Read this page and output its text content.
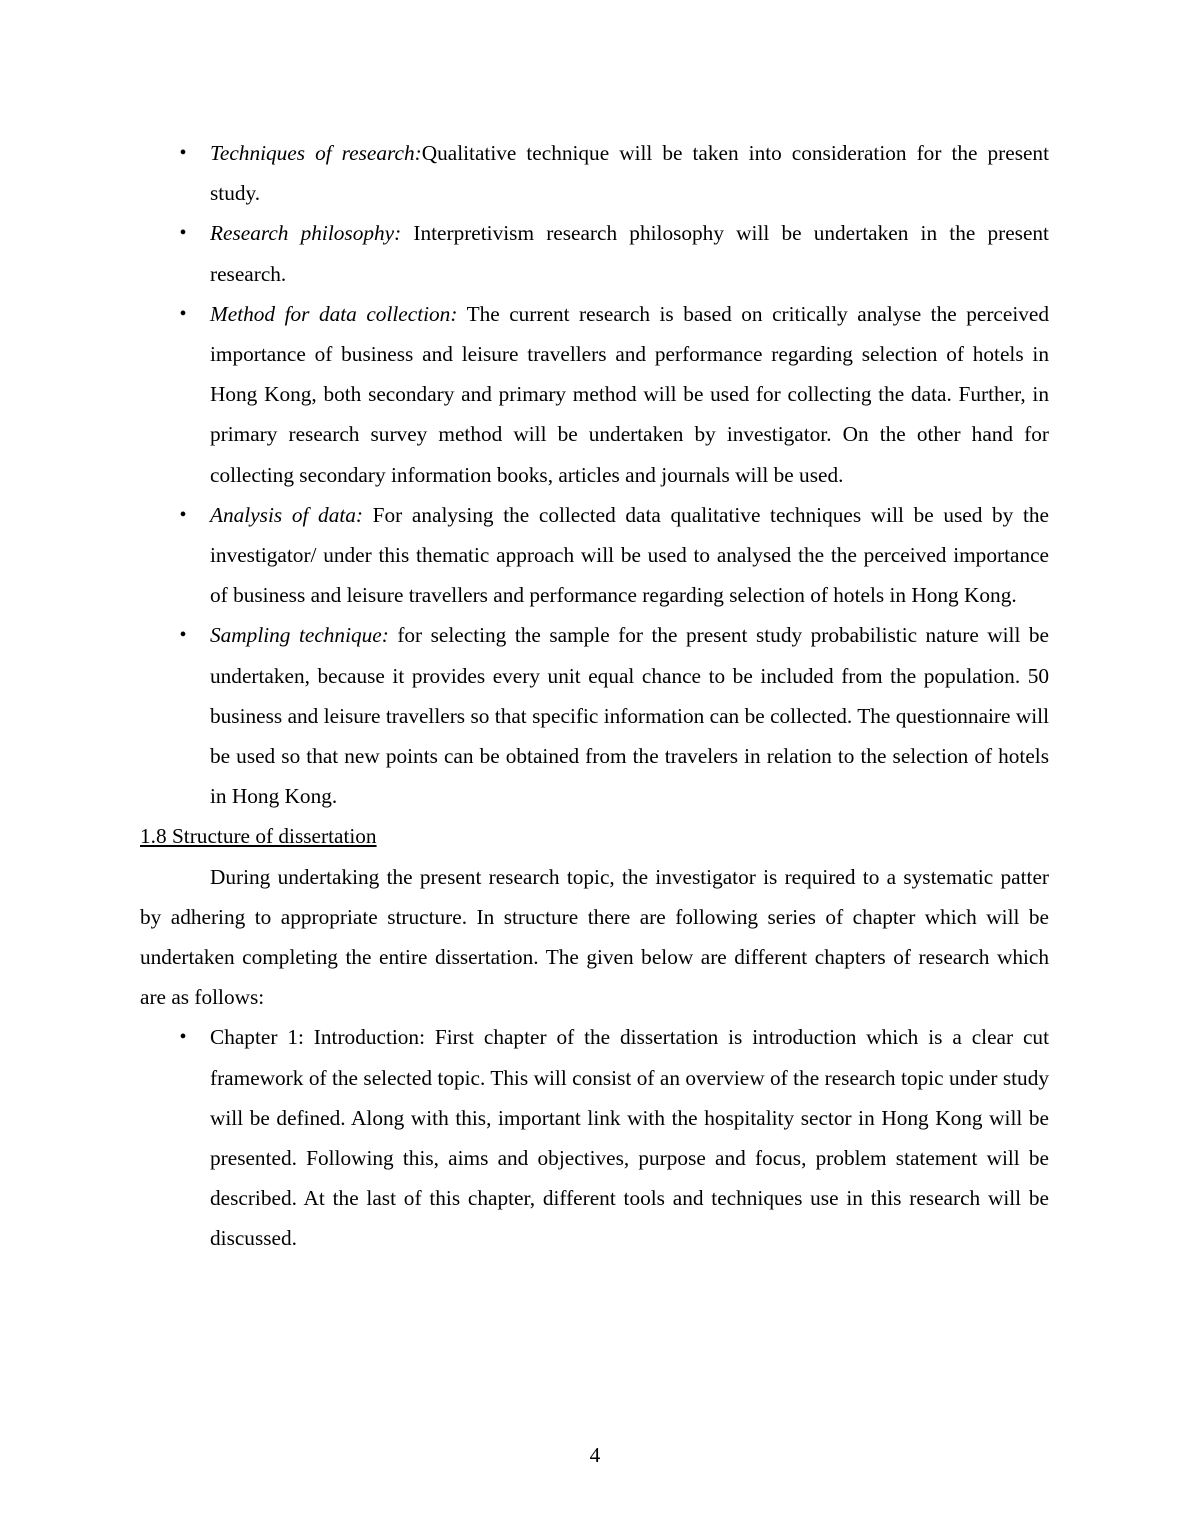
• Techniques of research:Qualitative technique will be taken into consideration for the present study.
• Research philosophy: Interpretivism research philosophy will be undertaken in the present research.
• Method for data collection: The current research is based on critically analyse the perceived importance of business and leisure travellers and performance regarding selection of hotels in Hong Kong, both secondary and primary method will be used for collecting the data. Further, in primary research survey method will be undertaken by investigator. On the other hand for collecting secondary information books, articles and journals will be used.
• Analysis of data: For analysing the collected data qualitative techniques will be used by the investigator/ under this thematic approach will be used to analysed the the perceived importance of business and leisure travellers and performance regarding selection of hotels in Hong Kong.
• Sampling technique: for selecting the sample for the present study probabilistic nature will be undertaken, because it provides every unit equal chance to be included from the population. 50 business and leisure travellers so that specific information can be collected. The questionnaire will be used so that new points can be obtained from the travelers in relation to the selection of hotels in Hong Kong.

1.8 Structure of dissertation

During undertaking the present research topic, the investigator is required to a systematic patter by adhering to appropriate structure. In structure there are following series of chapter which will be undertaken completing the entire dissertation. The given below are different chapters of research which are as follows:

• Chapter 1: Introduction: First chapter of the dissertation is introduction which is a clear cut framework of the selected topic. This will consist of an overview of the research topic under study will be defined. Along with this, important link with the hospitality sector in Hong Kong will be presented. Following this, aims and objectives, purpose and focus, problem statement will be described. At the last of this chapter, different tools and techniques use in this research will be discussed.
4
